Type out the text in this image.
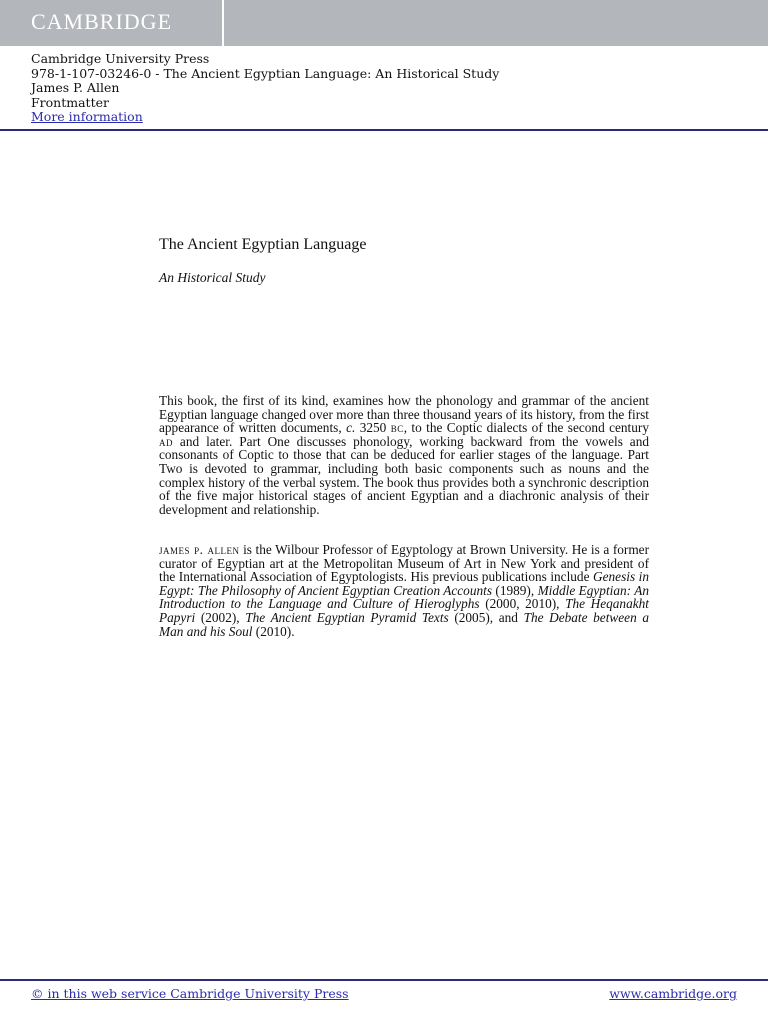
CAMBRIDGE
Cambridge University Press
978-1-107-03246-0 - The Ancient Egyptian Language: An Historical Study
James P. Allen
Frontmatter
More information
The Ancient Egyptian Language
An Historical Study
This book, the first of its kind, examines how the phonology and grammar of the ancient Egyptian language changed over more than three thousand years of its history, from the first appearance of written documents, c. 3250 bc, to the Coptic dialects of the second century ad and later. Part One discusses phonology, working backward from the vowels and consonants of Coptic to those that can be deduced for earlier stages of the language. Part Two is devoted to grammar, including both basic components such as nouns and the complex history of the verbal system. The book thus provides both a synchronic description of the five major historical stages of ancient Egyptian and a diachronic analysis of their development and relationship.
james p. allen is the Wilbour Professor of Egyptology at Brown University. He is a former curator of Egyptian art at the Metropolitan Museum of Art in New York and president of the International Association of Egyptologists. His previous publications include Genesis in Egypt: The Philosophy of Ancient Egyptian Creation Accounts (1989), Middle Egyptian: An Introduction to the Language and Culture of Hieroglyphs (2000, 2010), The Heqanakht Papyri (2002), The Ancient Egyptian Pyramid Texts (2005), and The Debate between a Man and his Soul (2010).
© in this web service Cambridge University Press	www.cambridge.org
